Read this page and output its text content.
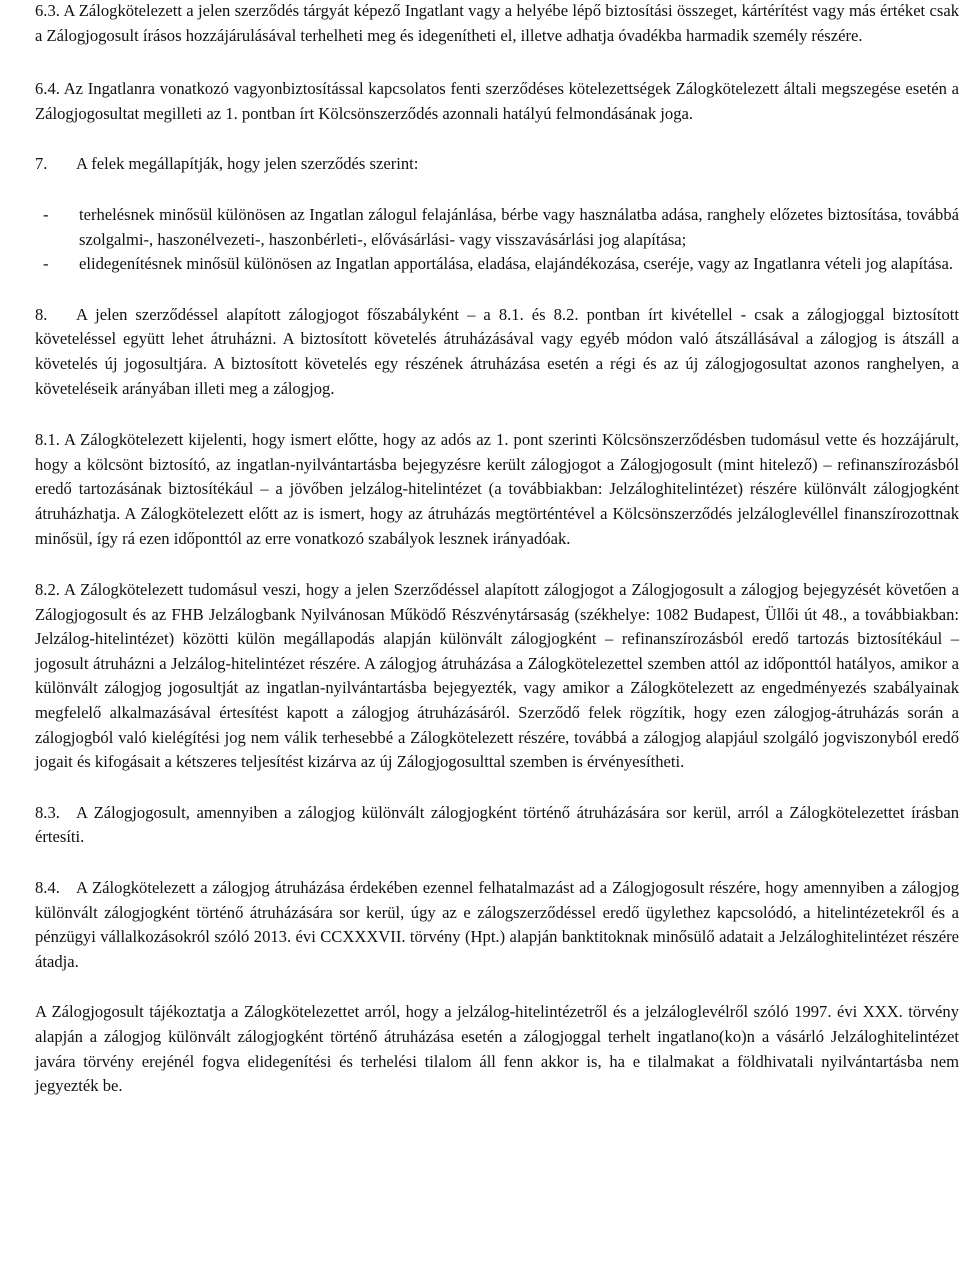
6.3. A Zálogkötelezett a jelen szerződés tárgyát képező Ingatlant vagy a helyébe lépő biztosítási összeget, kártérítést vagy más értéket csak a Zálogjogosult írásos hozzájárulásával terhelheti meg és idegenítheti el, illetve adhatja óvadékba harmadik személy részére.

6.4. Az Ingatlanra vonatkozó vagyonbiztosítással kapcsolatos fenti szerződéses kötelezettségek Zálogkötelezett általi megszegése esetén a Zálogjogosultat megilleti az 1. pontban írt Kölcsönszerződés azonnali hatályú felmondásának joga.

7. A felek megállapítják, hogy jelen szerződés szerint:

- terhelésnek minősül különösen az Ingatlan zálogul felajánlása, bérbe vagy használatba adása, ranghely előzetes biztosítása, továbbá szolgalmi-, haszonélvezeti-, haszonbérleti-, elővásárlási- vagy visszavásárlási jog alapítása;

- elidegenítésnek minősül különösen az Ingatlan apportálása, eladása, elajándékozása, cseréje, vagy az Ingatlanra vételi jog alapítása.

8. A jelen szerződéssel alapított zálogjogot főszabályként – a 8.1. és 8.2. pontban írt kivétellel - csak a zálogjoggal biztosított követeléssel együtt lehet átruházni. A biztosított követelés átruházásával vagy egyéb módon való átszállásával a zálogjog is átszáll a követelés új jogosultjára. A biztosított követelés egy részének átruházása esetén a régi és az új zálogjogosultat azonos ranghelyen, a követeléseik arányában illeti meg a zálogjog.

8.1. A Zálogkötelezett kijelenti, hogy ismert előtte, hogy az adós az 1. pont szerinti Kölcsönszerződésben tudomásul vette és hozzájárult, hogy a kölcsönt biztosító, az ingatlan-nyilvántartásba bejegyzésre került zálogjogot a Zálogjogosult (mint hitelező) – refinanszírozásból eredő tartozásának biztosítékául – a jövőben jelzálog-hitelintézet (a továbbiakban: Jelzáloghitelintézet) részére különvált zálogjogként átruházhatja. A Zálogkötelezett előtt az is ismert, hogy az átruházás megtörténtével a Kölcsönszerződés jelzáloglevéllel finanszírozottnak minősül, így rá ezen időponttól az erre vonatkozó szabályok lesznek irányadóak.

8.2. A Zálogkötelezett tudomásul veszi, hogy a jelen Szerződéssel alapított zálogjogot a Zálogjogosult a zálogjog bejegyzését követően a Zálogjogosult és az FHB Jelzálogbank Nyilvánosan Működő Részvénytársaság (székhelye: 1082 Budapest, Üllői út 48., a továbbiakban: Jelzálog-hitelintézet) közötti külön megállapodás alapján különvált zálogjogként – refinanszírozásból eredő tartozás biztosítékául – jogosult átruházni a Jelzálog-hitelintézet részére. A zálogjog átruházása a Zálogkötelezettel szemben attól az időponttól hatályos, amikor a különvált zálogjog jogosultját az ingatlan-nyilvántartásba bejegyezték, vagy amikor a Zálogkötelezett az engedményezés szabályainak megfelelő alkalmazásával értesítést kapott a zálogjog átruházásáról. Szerződő felek rögzítik, hogy ezen zálogjog-átruházás során a zálogjogból való kielégítési jog nem válik terhesebbé a Zálogkötelezett részére, továbbá a zálogjog alapjául szolgáló jogviszonyból eredő jogait és kifogásait a kétszeres teljesítést kizárva az új Zálogjogosulttal szemben is érvényesítheti.

8.3. A Zálogjogosult, amennyiben a zálogjog különvált zálogjogként történő átruházására sor kerül, arról a Zálogkötelezettet írásban értesíti.

8.4. A Zálogkötelezett a zálogjog átruházása érdekében ezennel felhatalmazást ad a Zálogjogosult részére, hogy amennyiben a zálogjog különvált zálogjogként történő átruházására sor kerül, úgy az e zálogszerződéssel eredő ügylethez kapcsolódó, a hitelintézetekről és a pénzügyi vállalkozásokról szóló 2013. évi CCXXXVII. törvény (Hpt.) alapján banktitoknak minősülő adatait a Jelzáloghitelintézet részére átadja.

A Zálogjogosult tájékoztatja a Zálogkötelezettet arról, hogy a jelzálog-hitelintézetről és a jelzáloglevélről szóló 1997. évi XXX. törvény alapján a zálogjog különvált zálogjogként történő átruházása esetén a zálogjoggal terhelt ingatlano(ko)n a vásárló Jelzáloghitelintézet javára törvény erejénél fogva elidegenítési és terhelési tilalom áll fenn akkor is, ha e tilalmakat a földhivatali nyilvántartásba nem jegyezték be.
